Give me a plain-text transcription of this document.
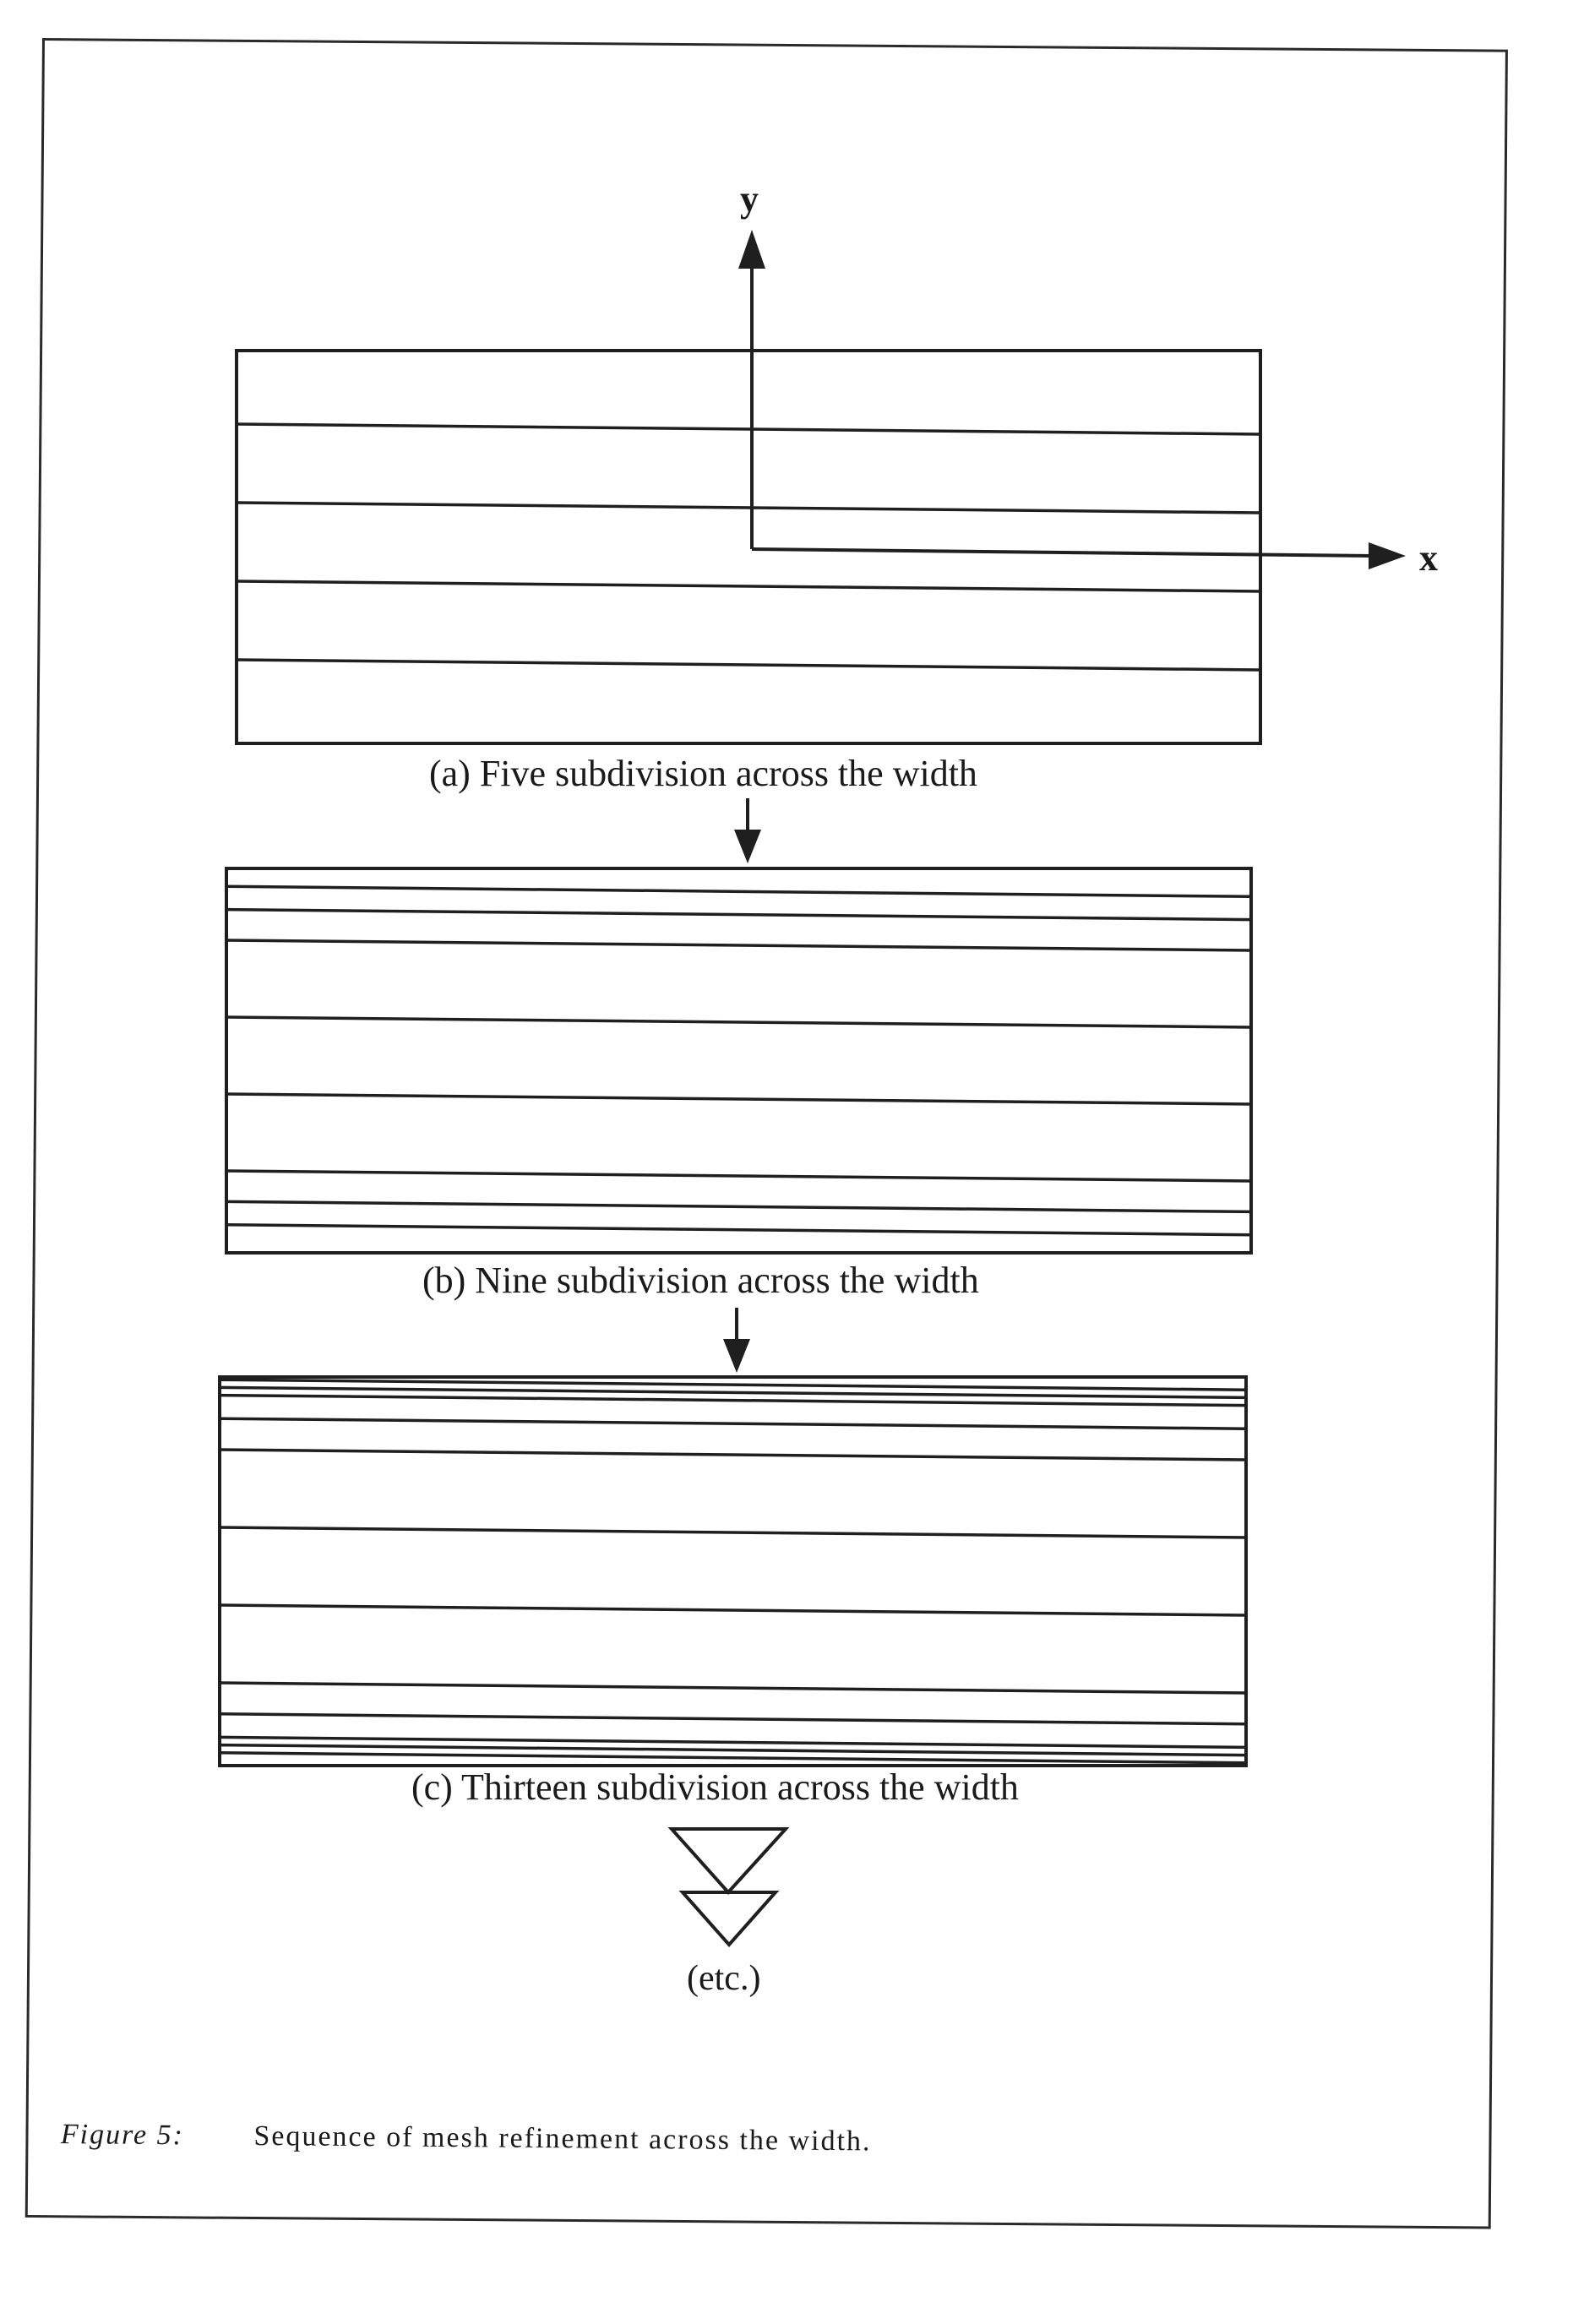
y
x
(a) Five subdivision across the width
(b) Nine subdivision across the width
(c) Thirteen subdivision across the width
(etc.)
Figure 5: Sequence of mesh refinement across the width.
